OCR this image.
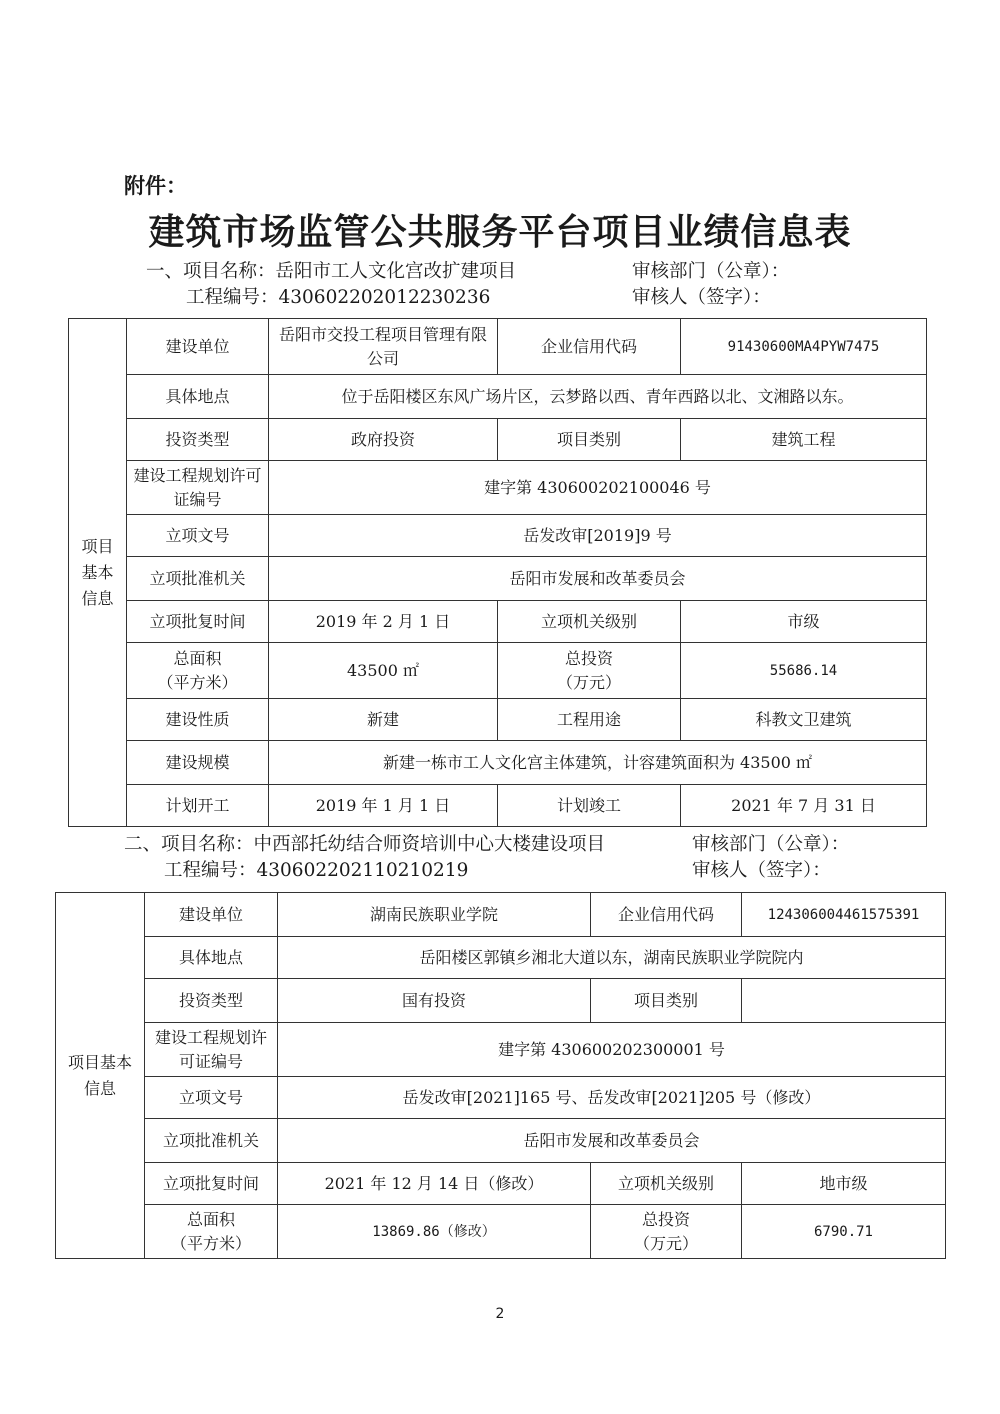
附件：
建筑市场监管公共服务平台项目业绩信息表
一、项目名称：岳阳市工人文化宫改扩建项目	审核部门（公章）：
工程编号：430602202012230236	审核人（签字）：
项目
基本
信息	建设单位	岳阳市交投工程项目管理有限公司	企业信用代码	91430600MA4PYW7475
	具体地点	位于岳阳楼区东风广场片区，云梦路以西、青年西路以北、文湘路以东。		
	投资类型	政府投资	项目类别	建筑工程
	建设工程规划许可证编号	建字第 430600202100046 号		
	立项文号	岳发改审[2019]9 号		
	立项批准机关	岳阳市发展和改革委员会		
	立项批复时间	2019 年 2 月 1 日	立项机关级别	市级
	总面积
（平方米）	43500 ㎡	总投资
（万元）	55686.14
	建设性质	新建	工程用途	科教文卫建筑
	建设规模	新建一栋市工人文化宫主体建筑，计容建筑面积为 43500 ㎡		
	计划开工	2019 年 1 月 1 日	计划竣工	2021 年 7 月 31 日
二、项目名称：中西部托幼结合师资培训中心大楼建设项目	审核部门（公章）：
工程编号：430602202110210219	审核人（签字）：
项目基本
信息	建设单位	湖南民族职业学院	企业信用代码	124306004461575391
	具体地点	岳阳楼区郭镇乡湘北大道以东，湖南民族职业学院院内		
	投资类型	国有投资	项目类别	
	建设工程规划许可证编号	建字第 430600202300001 号		
	立项文号	岳发改审[2021]165 号、岳发改审[2021]205 号（修改）		
	立项批准机关	岳阳市发展和改革委员会		
	立项批复时间	2021 年 12 月 14 日（修改）	立项机关级别	地市级
	总面积
（平方米）	13869.86（修改）	总投资
（万元）	6790.71
2
